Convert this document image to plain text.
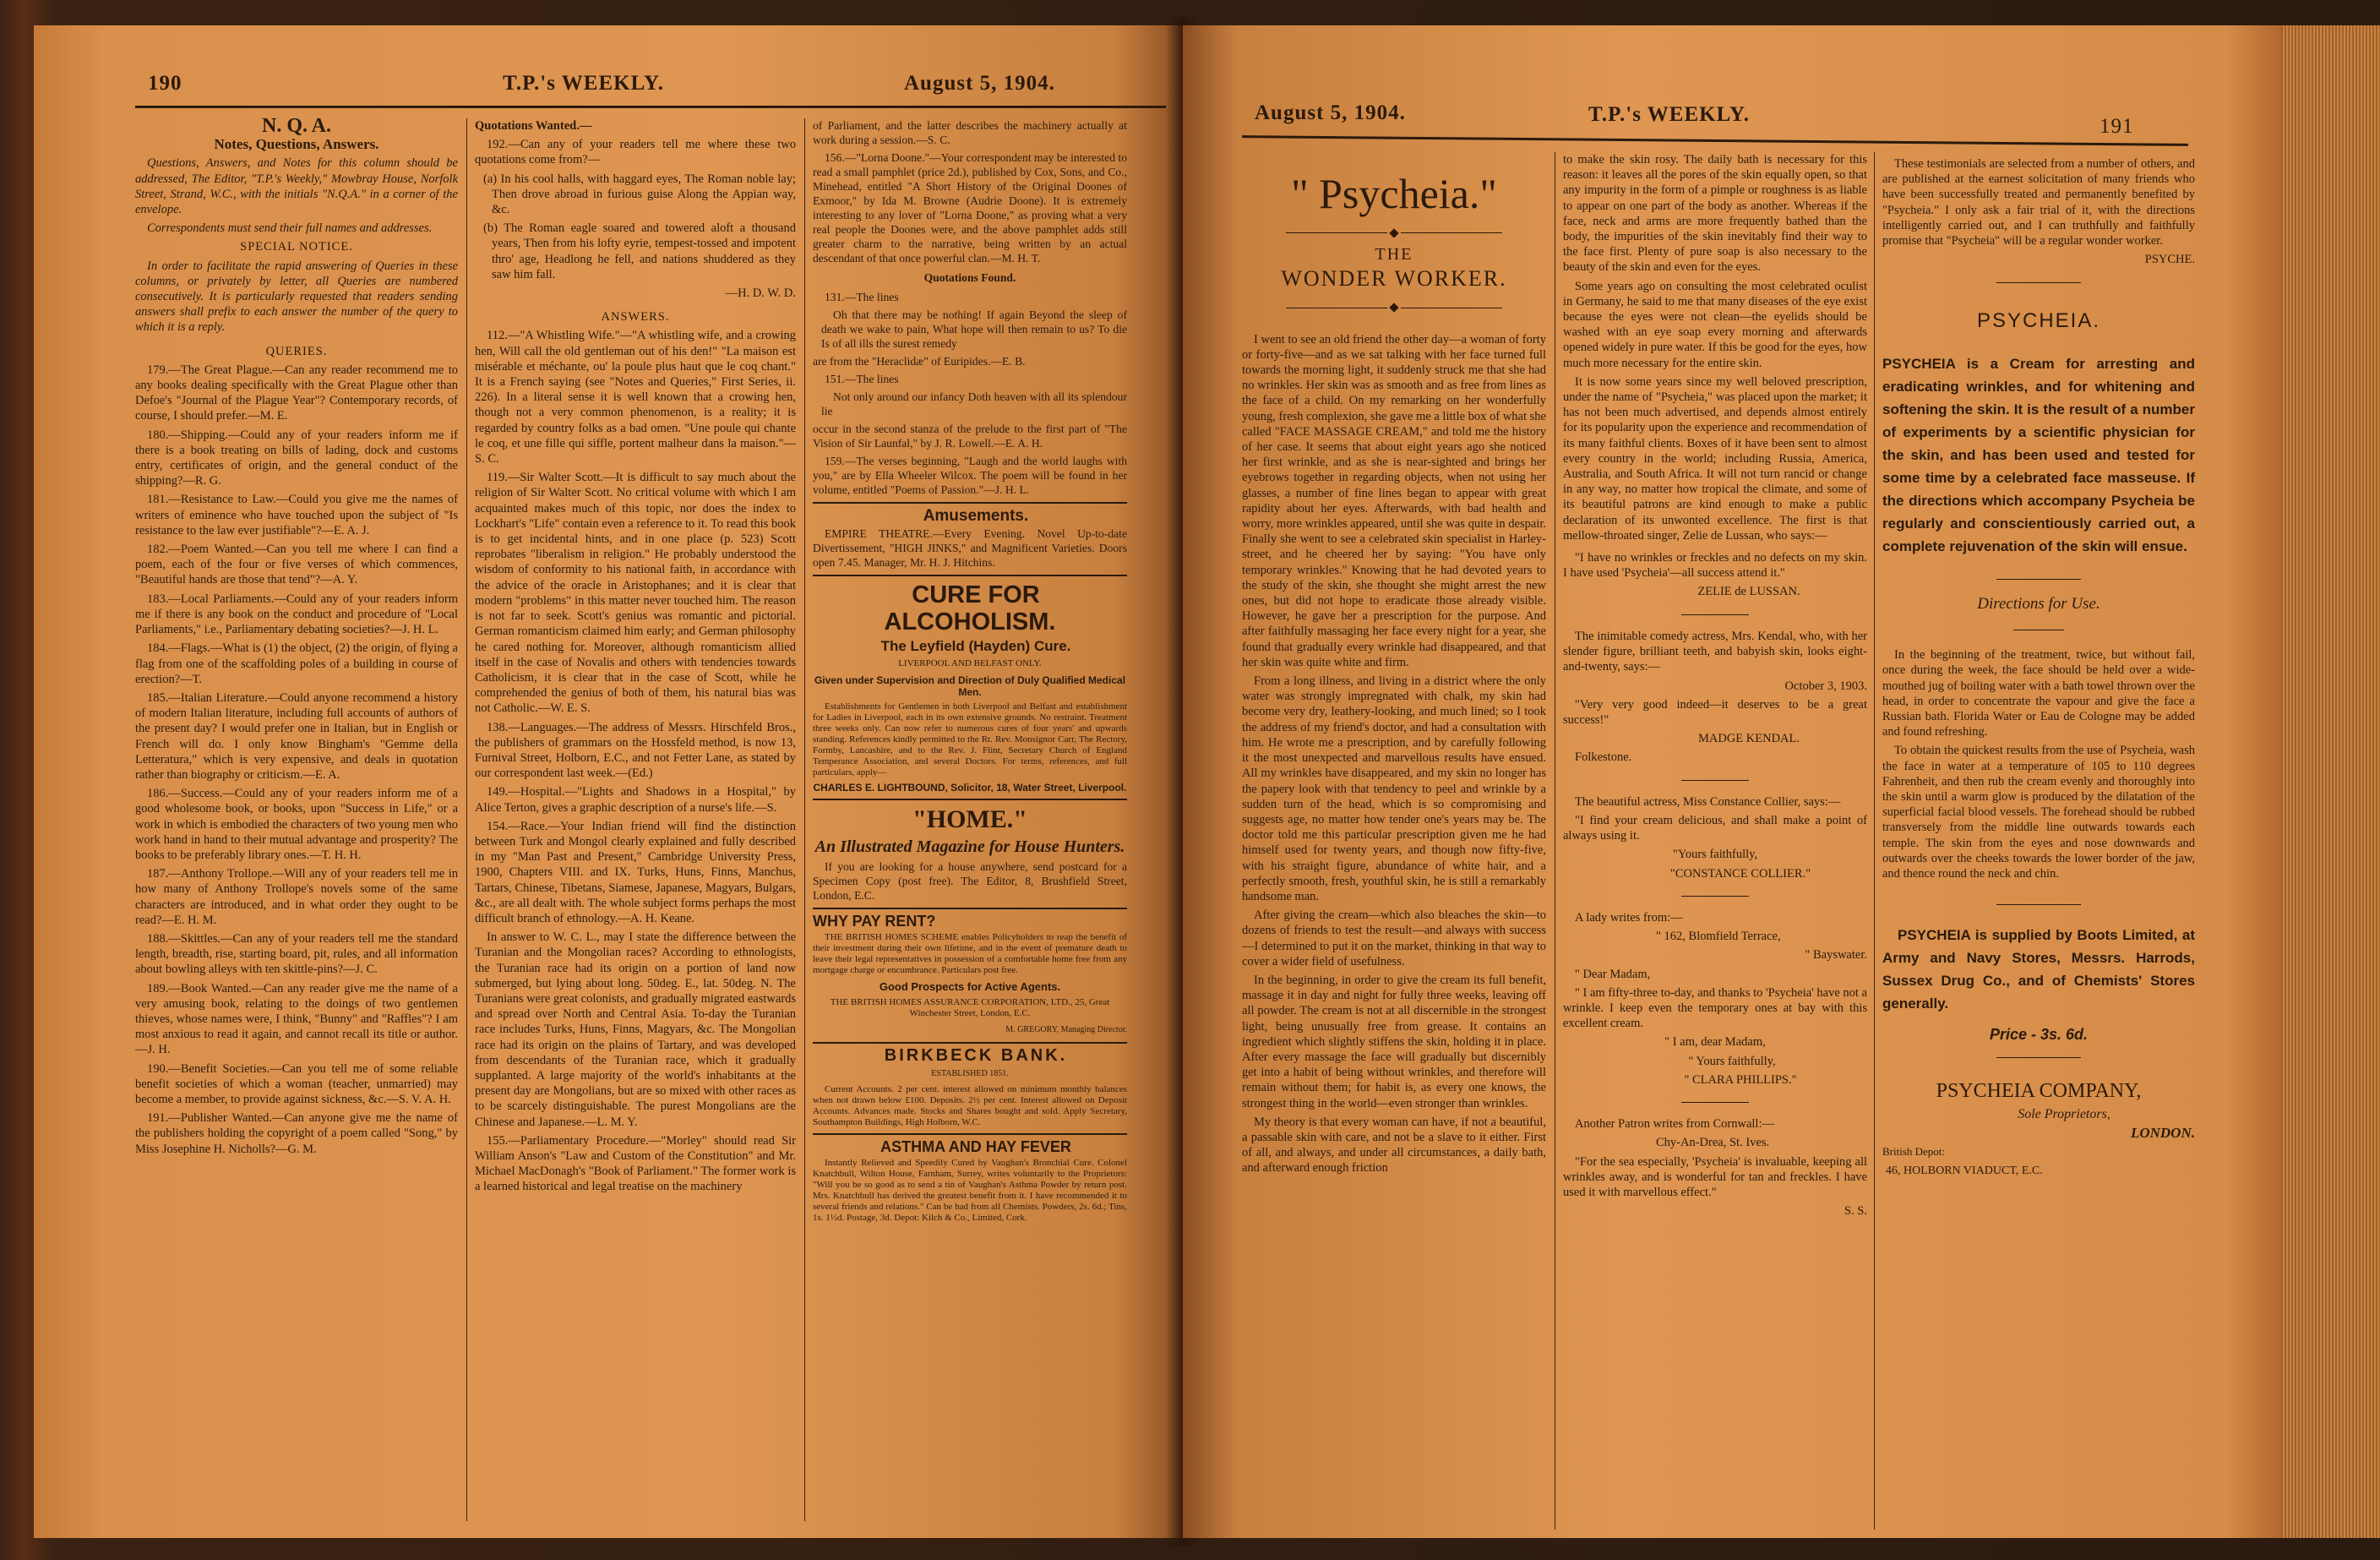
190	T.P.'s WEEKLY.	August 5, 1904.

N. Q. A.

Notes, Questions, Answers.

Questions, Answers, and Notes for this column should be addressed, The Editor, "T.P.'s Weekly," Mowbray House, Norfolk Street, Strand, W.C., with the initials "N.Q.A." in a corner of the envelope.

Correspondents must send their full names and addresses.

SPECIAL NOTICE.

In order to facilitate the rapid answering of Queries in these columns, or privately by letter, all Queries are numbered consecutively. It is particularly requested that readers sending answers shall prefix to each answer the number of the query to which it is a reply.

QUERIES.

179.—The Great Plague.—Can any reader recommend me to any books dealing specifically with the Great Plague other than Defoe's "Journal of the Plague Year"? Contemporary records, of course, I should prefer.—M. E.

180.—Shipping.—Could any of your readers inform me if there is a book treating on bills of lading, dock and customs entry, certificates of origin, and the general conduct of the shipping?—R. G.

181.—Resistance to Law.—Could you give me the names of writers of eminence who have touched upon the subject of "Is resistance to the law ever justifiable"?—E. A. J.

182.—Poem Wanted.—Can you tell me where I can find a poem, each of the four or five verses of which commences, "Beautiful hands are those that tend"?—A. Y.

183.—Local Parliaments.—Could any of your readers inform me if there is any book on the conduct and procedure of "Local Parliaments," i.e., Parliamentary debating societies?—J. H. L.

184.—Flags.—What is (1) the object, (2) the origin, of flying a flag from one of the scaffolding poles of a building in course of erection?—T.

185.—Italian Literature.—Could anyone recommend a history of modern Italian literature, including full accounts of authors of the present day? I would prefer one in Italian, but in English or French will do. I only know Bingham's "Gemme della Letteratura," which is very expensive, and deals in quotation rather than biography or criticism.—E. A.

186.—Success.—Could any of your readers inform me of a good wholesome book, or books, upon "Success in Life," or a work in which is embodied the characters of two young men who work hand in hand to their mutual advantage and prosperity? The books to be preferably library ones.—T. H. H.

187.—Anthony Trollope.—Will any of your readers tell me in how many of Anthony Trollope's novels some of the same characters are introduced, and in what order they ought to be read?—E. H. M.

188.—Skittles.—Can any of your readers tell me the standard length, breadth, rise, starting board, pit, rules, and all information about bowling alleys with ten skittle-pins?—J. C.

189.—Book Wanted.—Can any reader give me the name of a very amusing book, relating to the doings of two gentlemen thieves, whose names were, I think, "Bunny" and "Raffles"? I am most anxious to read it again, and cannot recall its title or author.—J. H.

190.—Benefit Societies.—Can you tell me of some reliable benefit societies of which a woman (teacher, unmarried) may become a member, to provide against sickness, &c.—S. V. A. H.

191.—Publisher Wanted.—Can anyone give me the name of the publishers holding the copyright of a poem called "Song," by Miss Josephine H. Nicholls?—G. M.

Quotations Wanted.—

192.—Can any of your readers tell me where these two quotations come from?—

(a) In his cool halls, with haggard eyes, The Roman noble lay; Then drove abroad in furious guise Along the Appian way, &c.

(b) The Roman eagle soared and towered aloft a thousand years, Then from his lofty eyrie, tempest-tossed and impotent thro' age, Headlong he fell, and nations shuddered as they saw him fall.

—H. D. W. D.

ANSWERS.

112.—"A Whistling Wife."—"A whistling wife, and a crowing hen, Will call the old gentleman out of his den!" "La maison est misérable et méchante, ou' la poule plus haut que le coq chant." It is a French saying (see "Notes and Queries," First Series, ii. 226). In a literal sense it is well known that a crowing hen, though not a very common phenomenon, is a reality; it is regarded by country folks as a bad omen. "Une poule qui chante le coq, et une fille qui siffle, portent malheur dans la maison."—S. C.

119.—Sir Walter Scott.—It is difficult to say much about the religion of Sir Walter Scott. No critical volume with which I am acquainted makes much of this topic, nor does the index to Lockhart's "Life" contain even a reference to it. To read this book is to get incidental hints, and in one place (p. 523) Scott reprobates "liberalism in religion." He probably understood the wisdom of conformity to his national faith, in accordance with the advice of the oracle in Aristophanes; and it is clear that modern "problems" in this matter never touched him. The reason is not far to seek. Scott's genius was romantic and pictorial. German romanticism claimed him early; and German philosophy he cared nothing for. Moreover, although romanticism allied itself in the case of Novalis and others with tendencies towards Catholicism, it is clear that in the case of Scott, while he comprehended the genius of both of them, his natural bias was not Catholic.—W. E. S.

138.—Languages.—The address of Messrs. Hirschfeld Bros., the publishers of grammars on the Hossfeld method, is now 13, Furnival Street, Holborn, E.C., and not Fetter Lane, as stated by our correspondent last week.—(Ed.)

149.—Hospital.—"Lights and Shadows in a Hospital," by Alice Terton, gives a graphic description of a nurse's life.—S.

154.—Race.—Your Indian friend will find the distinction between Turk and Mongol clearly explained and fully described in my "Man Past and Present," Cambridge University Press, 1900, Chapters VIII. and IX. Turks, Huns, Finns, Manchus, Tartars, Chinese, Tibetans, Siamese, Japanese, Magyars, Bulgars, &c., are all dealt with. The whole subject forms perhaps the most difficult branch of ethnology.—A. H. Keane.

In answer to W. C. L., may I state the difference between the Turanian and the Mongolian races? According to ethnologists, the Turanian race had its origin on a portion of land now submerged, but lying about long. 50deg. E., lat. 50deg. N. The Turanians were great colonists, and gradually migrated eastwards and spread over North and Central Asia. To-day the Turanian race includes Turks, Huns, Finns, Magyars, &c. The Mongolian race had its origin on the plains of Tartary, and was developed from descendants of the Turanian race, which it gradually supplanted. A large majority of the world's inhabitants at the present day are Mongolians, but are so mixed with other races as to be scarcely distinguishable. The purest Mongolians are the Chinese and Japanese.—L. M. Y.

155.—Parliamentary Procedure.—"Morley" should read Sir William Anson's "Law and Custom of the Constitution" and Mr. Michael MacDonagh's "Book of Parliament." The former work is a learned historical and legal treatise on the machinery

of Parliament, and the latter describes the machinery actually at work during a session.—S. C.

156.—"Lorna Doone."—Your correspondent may be interested to read a small pamphlet (price 2d.), published by Cox, Sons, and Co., Minehead, entitled "A Short History of the Original Doones of Exmoor," by Ida M. Browne (Audrie Doone). It is extremely interesting to any lover of "Lorna Doone," as proving what a very real people the Doones were, and the above pamphlet adds still greater charm to the narrative, being written by an actual descendant of that once powerful clan.—M. H. T.

Quotations Found.

131.—The lines

Oh that there may be nothing! If again Beyond the sleep of death we wake to pain, What hope will then remain to us? To die Is of all ills the surest remedy

are from the "Heraclidæ" of Euripides.—E. B.

151.—The lines

Not only around our infancy Doth heaven with all its splendour lie

occur in the second stanza of the prelude to the first part of "The Vision of Sir Launfal," by J. R. Lowell.—E. A. H.

159.—The verses beginning, "Laugh and the world laughs with you," are by Ella Wheeler Wilcox. The poem will be found in her volume, entitled "Poems of Passion."—J. H. L.

Amusements.

EMPIRE THEATRE.—Every Evening. Novel Up-to-date Divertissement, "HIGH JINKS," and Magnificent Varieties. Doors open 7.45. Manager, Mr. H. J. Hitchins.

CURE FOR ALCOHOLISM.

The Leyfield (Hayden) Cure.

LIVERPOOL AND BELFAST ONLY.

Given under Supervision and Direction of Duly Qualified Medical Men.

Establishments for Gentlemen in both Liverpool and Belfast and establishment for Ladies in Liverpool, each in its own extensive grounds. No restraint. Treatment three weeks only. Can now refer to numerous cures of four years' and upwards standing. References kindly permitted to the Rt. Rev. Monsignor Carr, The Rectory, Formby, Lancashire, and to the Rev. J. Flint, Secretary Church of England Temperance Association, and several Doctors. For terms, references, and full particulars, apply—

CHARLES E. LIGHTBOUND, Solicitor, 18, Water Street, Liverpool.

"HOME."

An Illustrated Magazine for House Hunters.

If you are looking for a house anywhere, send postcard for a Specimen Copy (post free). The Editor, 8, Brushfield Street, London, E.C.

WHY PAY RENT?

THE BRITISH HOMES SCHEME enables Policyholders to reap the benefit of their investment during their own lifetime, and in the event of premature death to leave their legal representatives in possession of a comfortable home free from any mortgage charge or encumbrance. Particulars post free.

Good Prospects for Active Agents.

THE BRITISH HOMES ASSURANCE CORPORATION, LTD., 25, Great Winchester Street, London, E.C.

M. GREGORY, Managing Director.

BIRKBECK BANK.

ESTABLISHED 1851.

Current Accounts. 2 per cent. interest allowed on minimum monthly balances when not drawn below £100. Deposits. 2½ per cent. Interest allowed on Deposit Accounts. Advances made. Stocks and Shares bought and sold. Apply Secretary, Southampton Buildings, High Holborn, W.C.

ASTHMA AND HAY FEVER

Instantly Relieved and Speedily Cured by Vaughan's Bronchial Cure. Colonel Knatchbull, Wilton House, Farnham, Surrey, writes voluntarily to the Proprietors: "Will you be so good as to send a tin of Vaughan's Asthma Powder by return post. Mrs. Knatchbull has derived the greatest benefit from it. I have recommended it to several friends and relations." Can be had from all Chemists. Powders, 2s. 6d.; Tins, 1s. 1½d. Postage, 3d. Depot: Kilch & Co., Limited, Cork.

August 5, 1904.	T.P.'s WEEKLY.
191

" Psycheia."

THE

WONDER WORKER.

I went to see an old friend the other day—a woman of forty or forty-five—and as we sat talking with her face turned full towards the morning light, it suddenly struck me that she had no wrinkles. Her skin was as smooth and as free from lines as the face of a child. On my remarking on her wonderfully young, fresh complexion, she gave me a little box of what she called "FACE MASSAGE CREAM," and told me the history of her case. It seems that about eight years ago she noticed her first wrinkle, and as she is near-sighted and brings her eyebrows together in regarding objects, when not using her glasses, a number of fine lines began to appear with great rapidity about her eyes. Afterwards, with bad health and worry, more wrinkles appeared, until she was quite in despair. Finally she went to see a celebrated skin specialist in Harley-street, and he cheered her by saying: "You have only temporary wrinkles." Knowing that he had devoted years to the study of the skin, she thought she might arrest the new ones, but did not hope to eradicate those already visible. However, he gave her a prescription for the purpose. And after faithfully massaging her face every night for a year, she found that gradually every wrinkle had disappeared, and that her skin was quite white and firm.

From a long illness, and living in a district where the only water was strongly impregnated with chalk, my skin had become very dry, leathery-looking, and much lined; so I took the address of my friend's doctor, and had a consultation with him. He wrote me a prescription, and by carefully following it the most unexpected and marvellous results have ensued. All my wrinkles have disappeared, and my skin no longer has the papery look with that tendency to peel and wrinkle by a sudden turn of the head, which is so compromising and suggests age, no matter how tender one's years may be. The doctor told me this particular prescription given me he had himself used for twenty years, and though now fifty-five, with his straight figure, abundance of white hair, and a perfectly smooth, fresh, youthful skin, he is still a remarkably handsome man.

After giving the cream—which also bleaches the skin—to dozens of friends to test the result—and always with success—I determined to put it on the market, thinking in that way to cover a wider field of usefulness.

In the beginning, in order to give the cream its full benefit, massage it in day and night for fully three weeks, leaving off all powder. The cream is not at all discernible in the strongest light, being unusually free from grease. It contains an ingredient which slightly stiffens the skin, holding it in place. After every massage the face will gradually but discernibly get into a habit of being without wrinkles, and therefore will remain without them; for habit is, as every one knows, the strongest thing in the world—even stronger than wrinkles.

My theory is that every woman can have, if not a beautiful, a passable skin with care, and not be a slave to it either. First of all, and always, and under all circumstances, a daily bath, and afterward enough friction

to make the skin rosy. The daily bath is necessary for this reason: it leaves all the pores of the skin equally open, so that any impurity in the form of a pimple or roughness is as liable to appear on one part of the body as another. Whereas if the face, neck and arms are more frequently bathed than the body, the impurities of the skin inevitably find their way to the face first. Plenty of pure soap is also necessary to the beauty of the skin and even for the eyes.

Some years ago on consulting the most celebrated oculist in Germany, he said to me that many diseases of the eye exist because the eyes were not clean—the eyelids should be washed with an eye soap every morning and afterwards opened widely in pure water. If this be good for the eyes, how much more necessary for the entire skin.

It is now some years since my well beloved prescription, under the name of "Psycheia," was placed upon the market; it has not been much advertised, and depends almost entirely for its popularity upon the experience and recommendation of its many faithful clients. Boxes of it have been sent to almost every country in the world; including Russia, America, Australia, and South Africa. It will not turn rancid or change in any way, no matter how tropical the climate, and some of its beautiful patrons are kind enough to make a public declaration of its unwonted excellence. The first is that mellow-throated singer, Zelie de Lussan, who says:—

"I have no wrinkles or freckles and no defects on my skin. I have used 'Psycheia'—all success attend it."

ZELIE de LUSSAN.

The inimitable comedy actress, Mrs. Kendal, who, with her slender figure, brilliant teeth, and babyish skin, looks eight-and-twenty, says:—

October 3, 1903.

"Very very good indeed—it deserves to be a great success!"

MADGE KENDAL.

Folkestone.

The beautiful actress, Miss Constance Collier, says:—

"I find your cream delicious, and shall make a point of always using it.

"Yours faithfully,

"CONSTANCE COLLIER."

A lady writes from:—

" 162, Blomfield Terrace,

" Bayswater.

" Dear Madam,

" I am fifty-three to-day, and thanks to 'Psycheia' have not a wrinkle. I keep even the temporary ones at bay with this excellent cream.

" I am, dear Madam,

" Yours faithfully,

" CLARA PHILLIPS."

Another Patron writes from Cornwall:—

Chy-An-Drea, St. Ives.

"For the sea especially, 'Psycheia' is invaluable, keeping all wrinkles away, and is wonderful for tan and freckles. I have used it with marvellous effect."

S. S.

These testimonials are selected from a number of others, and are published at the earnest solicitation of many friends who have been successfully treated and permanently benefited by "Psycheia." I only ask a fair trial of it, with the directions intelligently carried out, and I can truthfully and faithfully promise that "Psycheia" will be a regular wonder worker.

PSYCHE.

PSYCHEIA.

PSYCHEIA is a Cream for arresting and eradicating wrinkles, and for whitening and softening the skin. It is the result of a number of experiments by a scientific physician for the skin, and has been used and tested for some time by a celebrated face masseuse. If the directions which accompany Psycheia be regularly and conscientiously carried out, a complete rejuvenation of the skin will ensue.

Directions for Use.

In the beginning of the treatment, twice, but without fail, once during the week, the face should be held over a wide-mouthed jug of boiling water with a bath towel thrown over the head, in order to concentrate the vapour and give the face a Russian bath. Florida Water or Eau de Cologne may be added and found refreshing.

To obtain the quickest results from the use of Psycheia, wash the face in water at a temperature of 105 to 110 degrees Fahrenheit, and then rub the cream evenly and thoroughly into the skin until a warm glow is produced by the dilatation of the superficial facial blood vessels. The forehead should be rubbed transversely from the middle line outwards towards each temple. The skin from the eyes and nose downwards and outwards over the cheeks towards the lower border of the jaw, and thence round the neck and chin.

PSYCHEIA is supplied by Boots Limited, at Army and Navy Stores, Messrs. Harrods, Sussex Drug Co., and of Chemists' Stores generally.

Price - 3s. 6d.

PSYCHEIA COMPANY,

Sole Proprietors,

LONDON.

British Depot:

46, HOLBORN VIADUCT, E.C.
